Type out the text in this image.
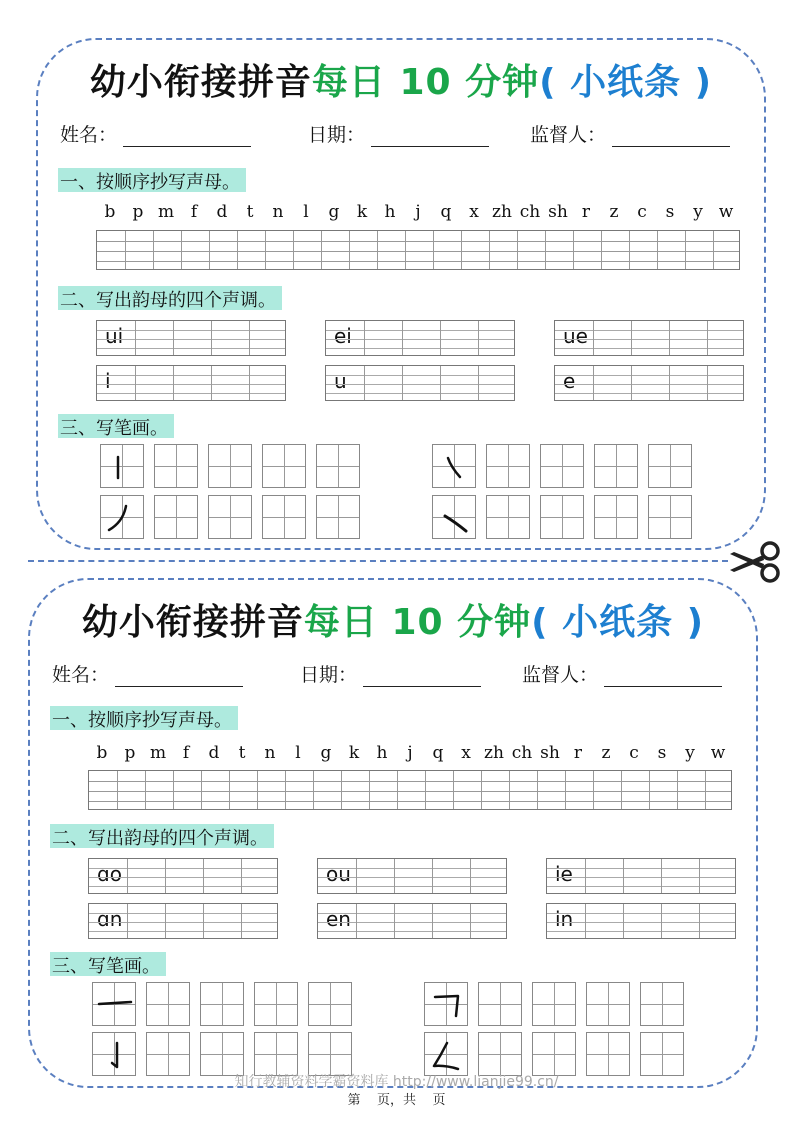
幼小衔接拼音每日 10 分钟( 小纸条 )
姓名：	日期：	监督人：
一、按顺序抄写声母。
b p m f d t n l g k h j q x zh ch sh r z c s y w
二、写出韵母的四个声调。
ui	ei	ue
i	u	e
三、写笔画。
幼小衔接拼音每日 10 分钟( 小纸条 )
姓名：	日期：	监督人：
一、按顺序抄写声母。
b p m f d t n l g k h j q x zh ch sh r z c s y w
二、写出韵母的四个声调。
ɑo	ou	ie
ɑn	en	in
三、写笔画。
知行教辅资料学霸资料库 http://www.lianjie99.cn/
第    页，共    页
